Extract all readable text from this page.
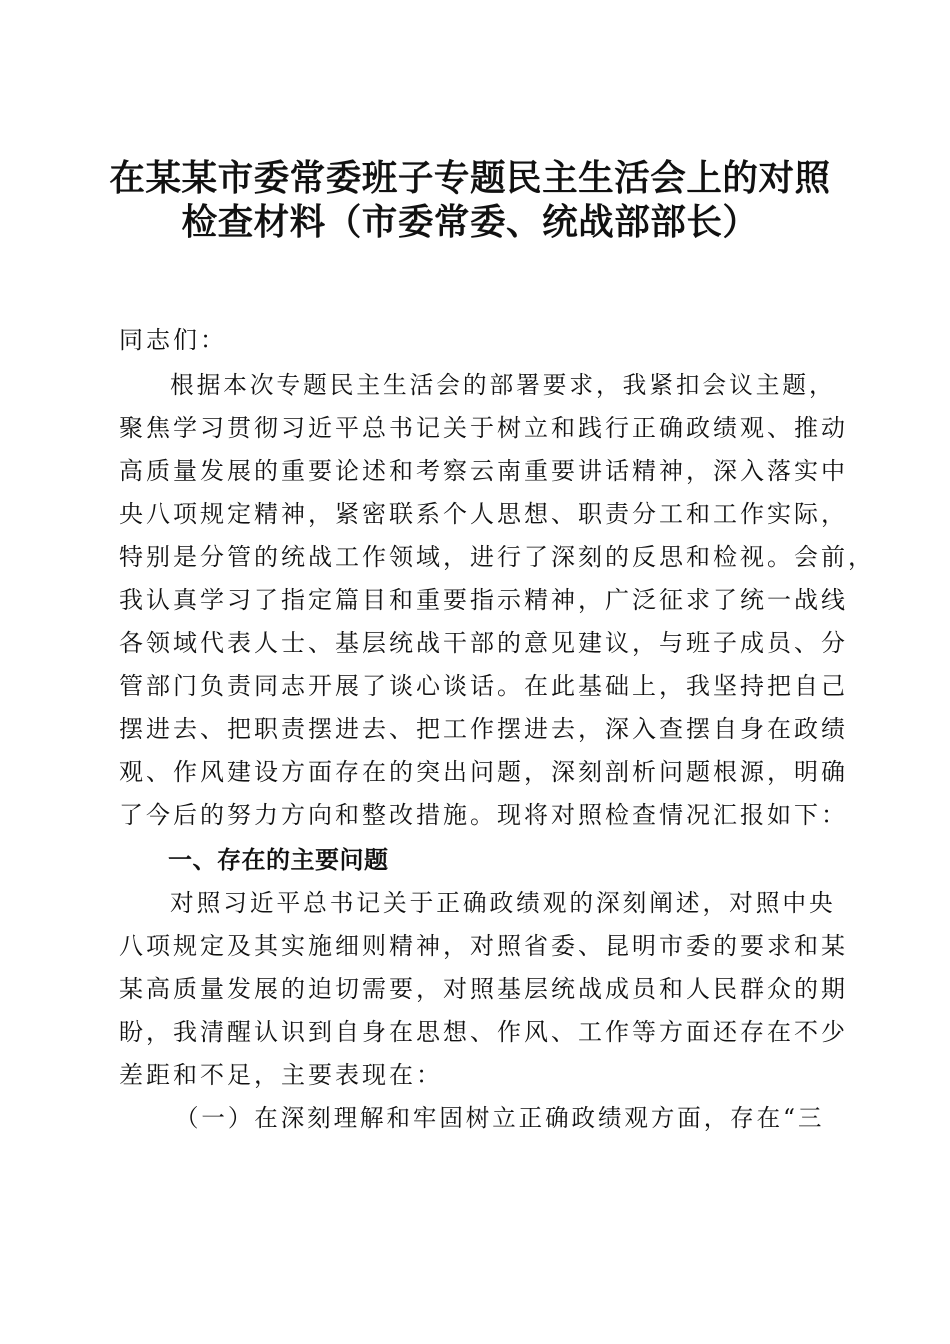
在某某市委常委班子专题民主生活会上的对照
检查材料（市委常委、统战部部长）

同志们：

根据本次专题民主生活会的部署要求，我紧扣会议主题，

聚焦学习贯彻习近平总书记关于树立和践行正确政绩观、推动

高质量发展的重要论述和考察云南重要讲话精神，深入落实中

央八项规定精神，紧密联系个人思想、职责分工和工作实际，

特别是分管的统战工作领域，进行了深刻的反思和检视。会前，

我认真学习了指定篇目和重要指示精神，广泛征求了统一战线

各领域代表人士、基层统战干部的意见建议，与班子成员、分

管部门负责同志开展了谈心谈话。在此基础上，我坚持把自己

摆进去、把职责摆进去、把工作摆进去，深入查摆自身在政绩

观、作风建设方面存在的突出问题，深刻剖析问题根源，明确

了今后的努力方向和整改措施。现将对照检查情况汇报如下：

一、存在的主要问题

对照习近平总书记关于正确政绩观的深刻阐述，对照中央

八项规定及其实施细则精神，对照省委、昆明市委的要求和某

某高质量发展的迫切需要，对照基层统战成员和人民群众的期

盼，我清醒认识到自身在思想、作风、工作等方面还存在不少

差距和不足，主要表现在：

（一）在深刻理解和牢固树立正确政绩观方面，存在“三
